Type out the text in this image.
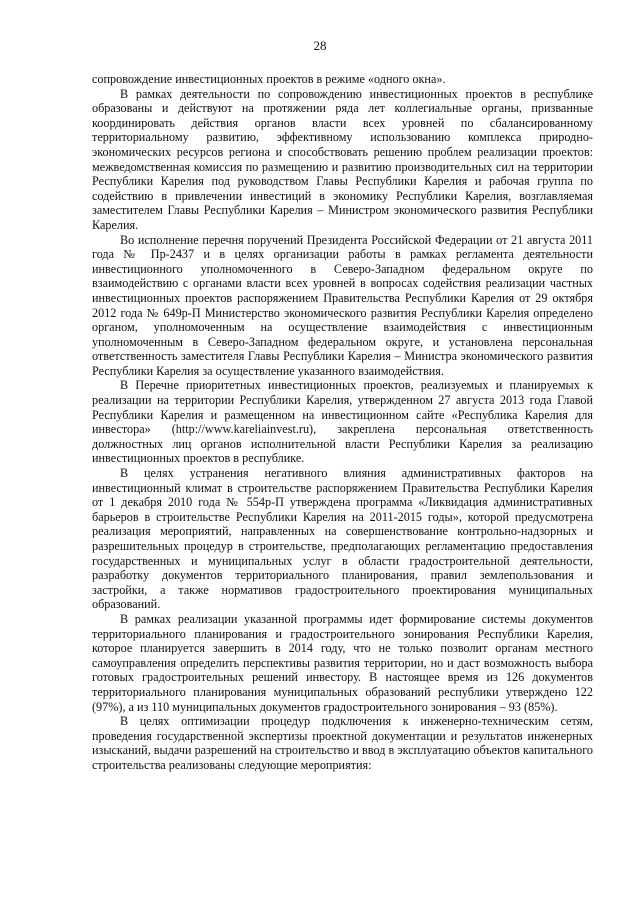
28

сопровождение инвестиционных проектов в режиме «одного окна».

В рамках деятельности по сопровождению инвестиционных проектов в республике образованы и действуют на протяжении ряда лет коллегиальные органы, призванные координировать действия органов власти всех уровней по сбалансированному территориальному развитию, эффективному использованию комплекса природно-экономических ресурсов региона и способствовать решению проблем реализации проектов: межведомственная комиссия по размещению и развитию производительных сил на территории Республики Карелия под руководством Главы Республики Карелия и рабочая группа по содействию в привлечении инвестиций в экономику Республики Карелия, возглавляемая заместителем Главы Республики Карелия – Министром экономического развития Республики Карелия.

Во исполнение перечня поручений Президента Российской Федерации от 21 августа 2011 года № Пр-2437 и в целях организации работы в рамках регламента деятельности инвестиционного уполномоченного в Северо-Западном федеральном округе по взаимодействию с органами власти всех уровней в вопросах содействия реализации частных инвестиционных проектов распоряжением Правительства Республики Карелия от 29 октября 2012 года № 649р-П Министерство экономического развития Республики Карелия определено органом, уполномоченным на осуществление взаимодействия с инвестиционным уполномоченным в Северо-Западном федеральном округе, и установлена персональная ответственность заместителя Главы Республики Карелия – Министра экономического развития Республики Карелия за осуществление указанного взаимодействия.

В Перечне приоритетных инвестиционных проектов, реализуемых и планируемых к реализации на территории Республики Карелия, утвержденном 27 августа 2013 года Главой Республики Карелия и размещенном на инвестиционном сайте «Республика Карелия для инвестора» (http://www.kareliainvest.ru), закреплена персональная ответственность должностных лиц органов исполнительной власти Республики Карелия за реализацию инвестиционных проектов в республике.

В целях устранения негативного влияния административных факторов на инвестиционный климат в строительстве распоряжением Правительства Республики Карелия от 1 декабря 2010 года № 554р-П утверждена программа «Ликвидация административных барьеров в строительстве Республики Карелия на 2011-2015 годы», которой предусмотрена реализация мероприятий, направленных на совершенствование контрольно-надзорных и разрешительных процедур в строительстве, предполагающих регламентацию предоставления государственных и муниципальных услуг в области градостроительной деятельности, разработку документов территориального планирования, правил землепользования и застройки, а также нормативов градостроительного проектирования муниципальных образований.

В рамках реализации указанной программы идет формирование системы документов территориального планирования и градостроительного зонирования Республики Карелия, которое планируется завершить в 2014 году, что не только позволит органам местного самоуправления определить перспективы развития территории, но и даст возможность выбора готовых градостроительных решений инвестору. В настоящее время из 126 документов территориального планирования муниципальных образований республики утверждено 122 (97%), а из 110 муниципальных документов градостроительного зонирования – 93 (85%).

В целях оптимизации процедур подключения к инженерно-техническим сетям, проведения государственной экспертизы проектной документации и результатов инженерных изысканий, выдачи разрешений на строительство и ввод в эксплуатацию объектов капитального строительства реализованы следующие мероприятия:
